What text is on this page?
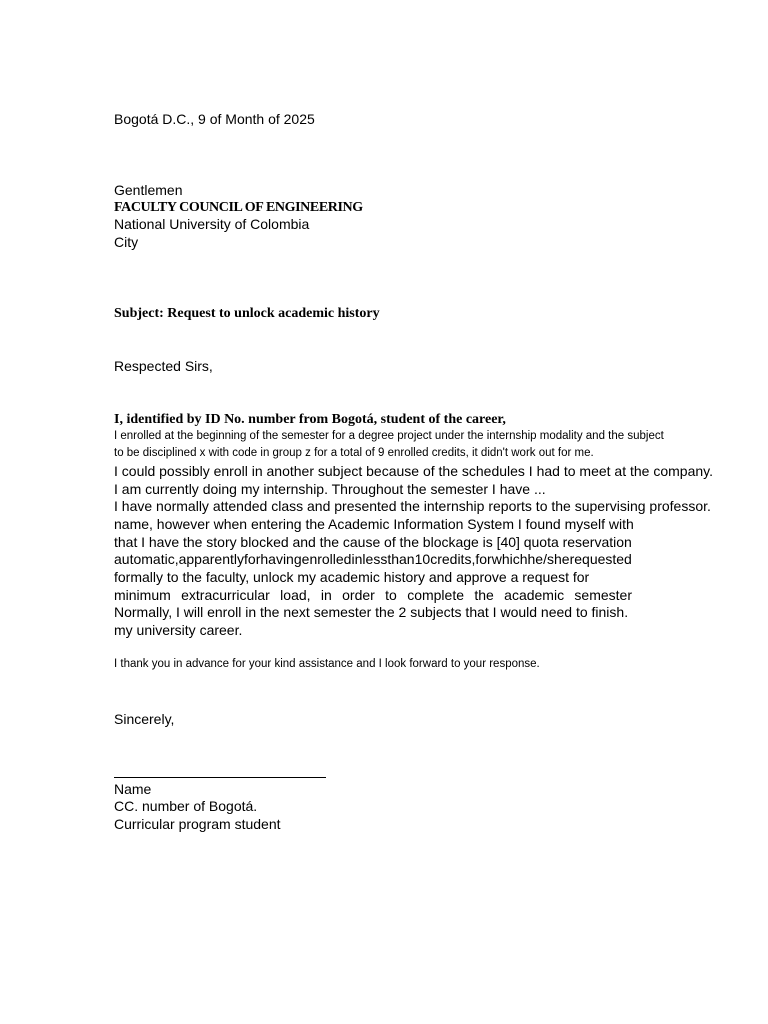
Bogotá D.C., 9 of Month of 2025

Gentlemen

FACULTY COUNCIL OF ENGINEERING

National University of Colombia

City

Subject: Request to unlock academic history

Respected Sirs,

I, identified by ID No. number from Bogotá, student of the career,

I enrolled at the beginning of the semester for a degree project under the internship modality and the subject

to be disciplined x with code in group z for a total of 9 enrolled credits, it didn't work out for me.

I could possibly enroll in another subject because of the schedules I had to meet at the company.

I am currently doing my internship. Throughout the semester I have ...

I have normally attended class and presented the internship reports to the supervising professor.

name, however when entering the Academic Information System I found myself with

that I have the story blocked and the cause of the blockage is [40] quota reservation

automatic, apparently for having enrolled in less than 10 credits, for which he/she requested

formally to the faculty, unlock my academic history and approve a request for

minimum extracurricular load, in order to complete the academic semester

Normally, I will enroll in the next semester the 2 subjects that I would need to finish.

my university career.

I thank you in advance for your kind assistance and I look forward to your response.

Sincerely,

Name

CC. number of Bogotá.

Curricular program student
